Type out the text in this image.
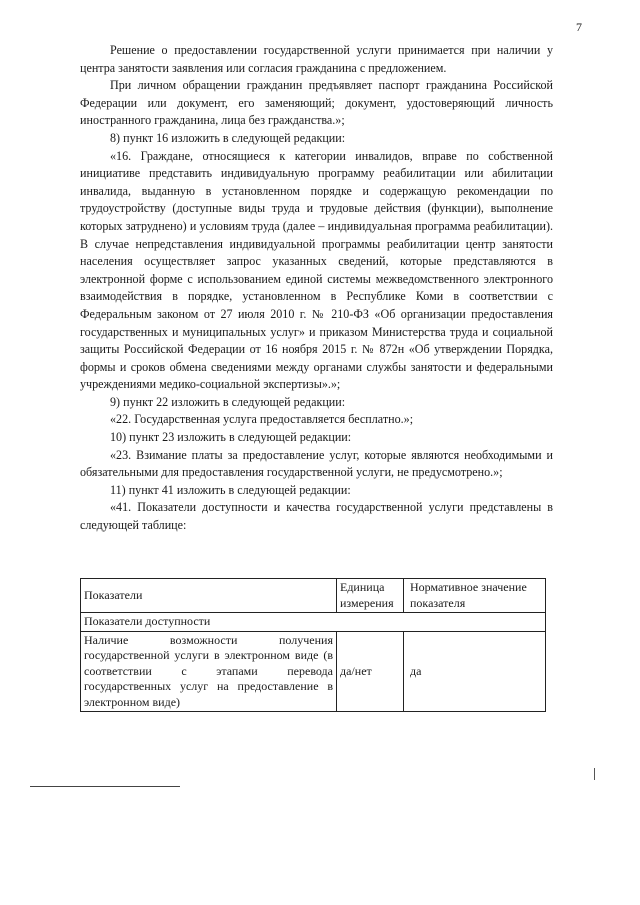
7

Решение о предоставлении государственной услуги принимается при наличии у центра занятости заявления или согласия гражданина с предложением.

При личном обращении гражданин предъявляет паспорт гражданина Российской Федерации или документ, его заменяющий; документ, удостоверяющий личность иностранного гражданина, лица без гражданства.»;

8) пункт 16 изложить в следующей редакции:

«16. Граждане, относящиеся к категории инвалидов, вправе по собственной инициативе представить индивидуальную программу реабилитации или абилитации инвалида, выданную в установленном порядке и содержащую рекомендации по трудоустройству (доступные виды труда и трудовые действия (функции), выполнение которых затруднено) и условиям труда (далее – индивидуальная программа реабилитации). В случае непредставления индивидуальной программы реабилитации центр занятости населения осуществляет запрос указанных сведений, которые представляются в электронной форме с использованием единой системы межведомственного электронного взаимодействия в порядке, установленном в Республике Коми в соответствии с Федеральным законом от 27 июля 2010 г. № 210-ФЗ «Об организации предоставления государственных и муниципальных услуг» и приказом Министерства труда и социальной защиты Российской Федерации от 16 ноября 2015 г. № 872н «Об утверждении Порядка, формы и сроков обмена сведениями между органами службы занятости и федеральными учреждениями медико-социальной экспертизы».»;

9) пункт 22 изложить в следующей редакции:

«22. Государственная услуга предоставляется бесплатно.»;

10) пункт 23 изложить в следующей редакции:

«23. Взимание платы за предоставление услуг, которые являются необходимыми и обязательными для предоставления государственной услуги, не предусмотрено.»;

11) пункт 41 изложить в следующей редакции:

«41. Показатели доступности и качества государственной услуги представлены в следующей таблице:

Показатели	Единица измерения	Нормативное значение показателя
Показатели доступности		
Наличие возможности получения государственной услуги в электронном виде (в соответствии с этапами перевода государственных услуг на предоставление в электронном виде)	да/нет	да
